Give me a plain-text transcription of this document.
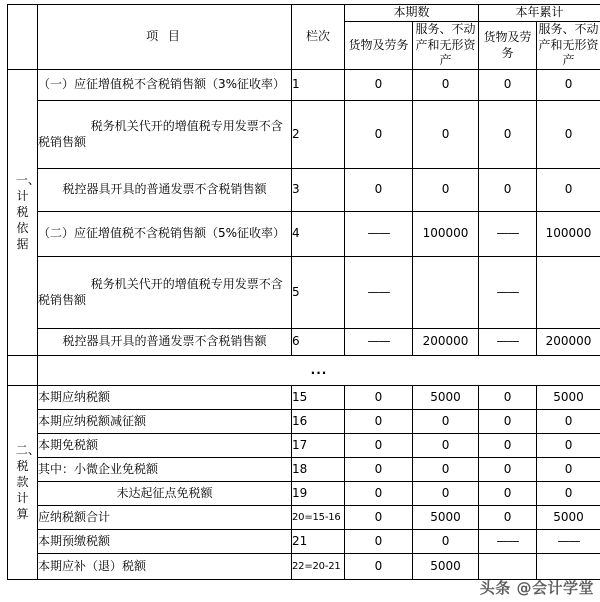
	项 目	栏次	本期数		本年累计	
			货物及劳务	服务、不动产和无形资产	货物及劳务	服务、不动产和无形资产

一、计税依据	（一）应征增值税不含税销售额（3%征收率）	1	0	0	0	0
	税务机关代开的增值税专用发票不含税销售额	2	0	0	0	0
	税控器具开具的普通发票不含税销售额	3	0	0	0	0

	（二）应征增值税不含税销售额（5%征收率）	4	——	100000	——	100000
	税务机关代开的增值税专用发票不含税销售额	5	——		——	
	税控器具开具的普通发票不含税销售额	6	——	200000	——	200000
	...					

二、税款计算	本期应纳税额	15	0	5000	0	5000
	本期应纳税额减征额	16	0	0	0	0
	本期免税额	17	0	0	0	0
	其中：小微企业免税额	18	0	0	0	0
	未达起征点免税额	19	0	0	0	0
	应纳税额合计	20=15-16	0	5000	0	5000
	本期预缴税额	21	0	0	——	——
	本期应补（退）税额	22=20-21	0	5000		
头条 @会计学堂
